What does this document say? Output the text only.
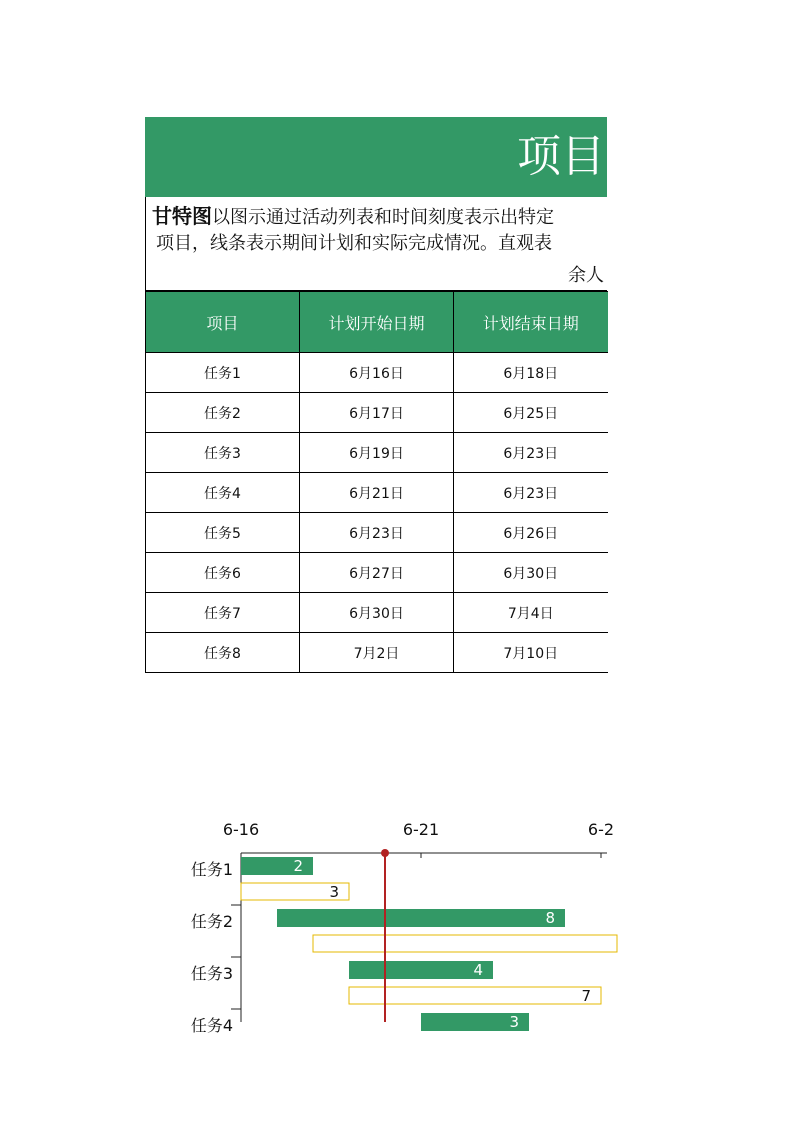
项目
甘特图以图示通过活动列表和时间刻度表示出特定
项目，线条表示期间计划和实际完成情况。直观表
余人
项目	计划开始日期	计划结束日期
任务1	6月16日	6月18日
任务2	6月17日	6月25日
任务3	6月19日	6月23日
任务4	6月21日	6月23日
任务5	6月23日	6月26日
任务6	6月27日	6月30日
任务7	6月30日	7月4日
任务8	7月2日	7月10日
6-16	6-21	6-2
任务1	2
3
任务2	8
任务3	4
7
任务4	3
